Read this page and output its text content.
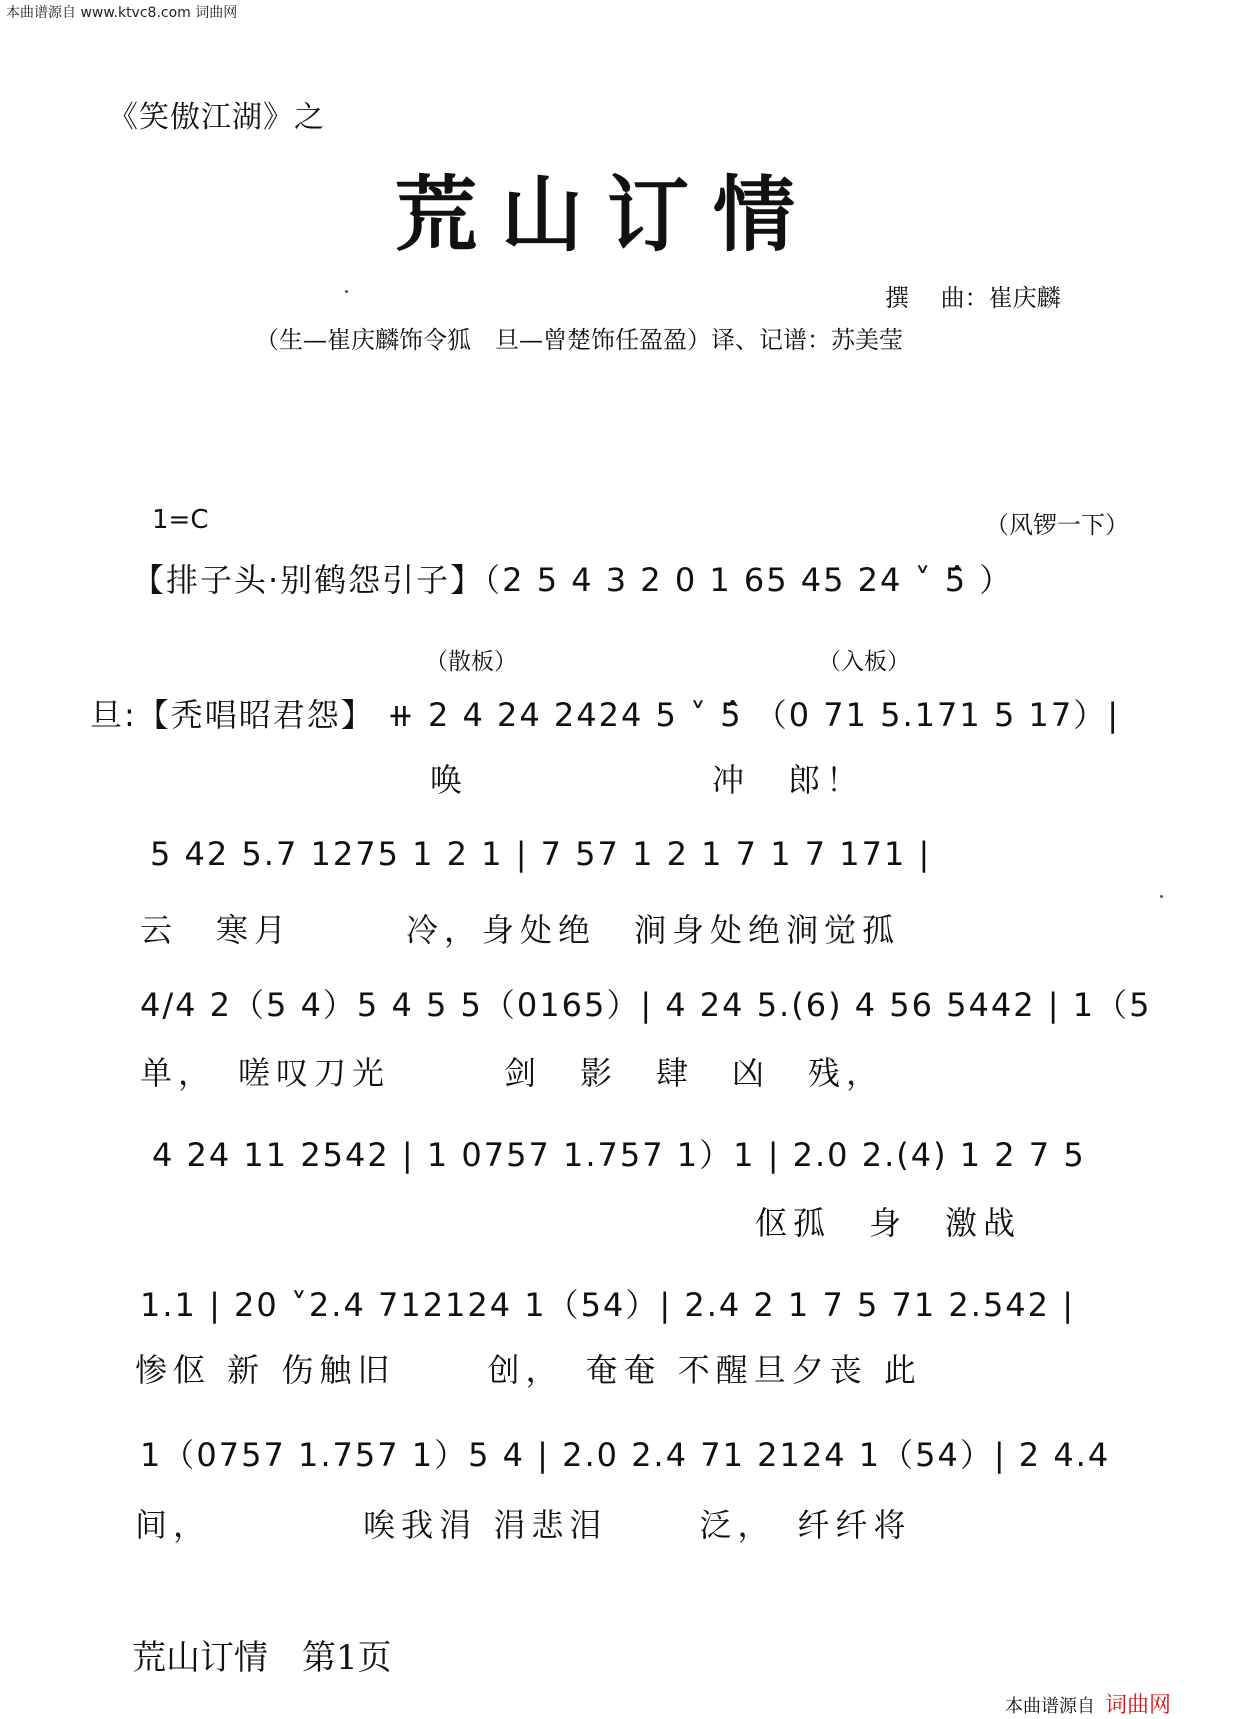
本曲谱源自 www.ktvc8.com 词曲网
《笑傲江湖》之
荒山订情
撰　 曲：崔庆麟
（生—崔庆麟饰令狐　旦—曾楚饰任盈盈）译、记谱：苏美莹
1=C	（风锣一下）
【排子头·别鹤怨引子】（2 5 4 3 2 0 1 65 45 24 ˅ 5̂ ）
（散板）	（入板）
旦:【秃唱昭君怨】 ⧺ 2 4 24 2424 5 ˅ 5̂ （0 71 5.171 5 17）|
唤　　　　　　 冲　郎！
5 42 5.7 1275 1 2 1 | 7 57 1 2 1 7 1 7 171 |
云　寒月　　　冷，身处绝　涧身处绝涧觉孤
4/4 2（5 4）5 4 5 5（0165）| 4 24 5.(6) 4 56 5442 | 1（5
单，　嗟叹刀光　　　剑　影　肆　凶　残，
4 24 11 2542 | 1 0757 1.757 1）1 | 2.0 2.(4) 1 2 7 5
伛孤　身　激战
1.1 | 20 ˅2.4 712124 1（54）| 2.4 2 1 7 5 71 2.542 |
惨伛 新 伤触旧　　 创，　奄奄 不醒旦夕丧 此
1（0757 1.757 1）5 4 | 2.0 2.4 71 2124 1（54）| 2 4.4
间，　　　　 唉我涓 涓悲泪　　 泛，　纤纤将
荒山订情　第1页
本曲谱源自 词曲网
